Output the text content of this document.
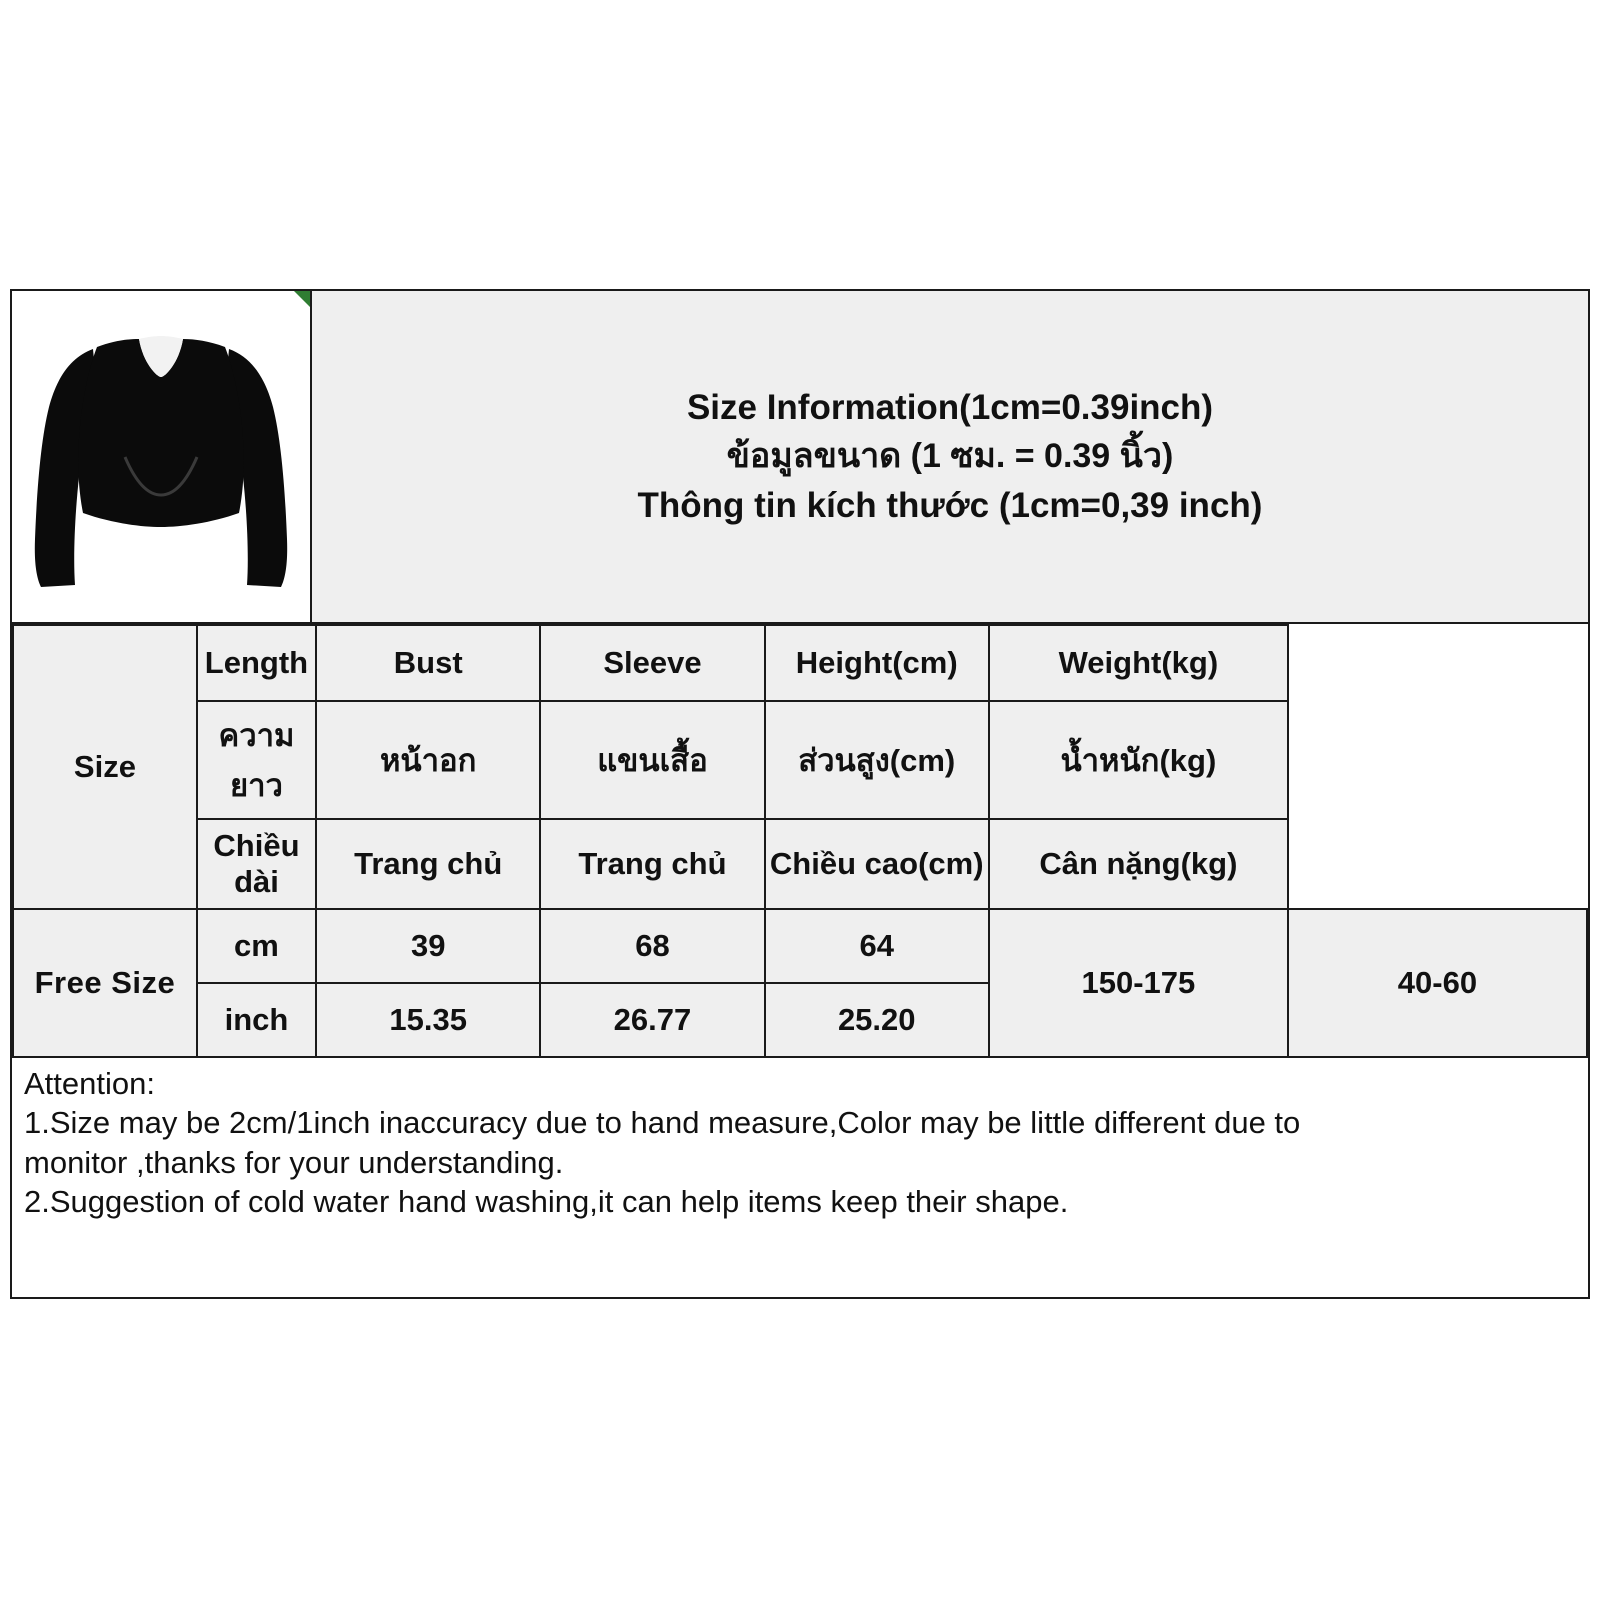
Size Information(1cm=0.39inch)
ข้อมูลขนาด (1 ซม. = 0.39 นิ้ว)
Thông tin kích thước (1cm=0,39 inch)
Size	Length	Bust	Sleeve	Height(cm)	Weight(kg)	
	ความยาว	หน้าอก	แขนเสื้อ	ส่วนสูง(cm)	น้ำหนัก(kg)	
	Chiều dài	Trang chủ	Trang chủ	Chiều cao(cm)	Cân nặng(kg)	
Free Size	cm	39	68	64	150-175	40-60
	inch	15.35	26.77	25.20		

Attention:

1.Size may be 2cm/1inch inaccuracy due to hand measure,Color may be little different due to

monitor ,thanks for your understanding.

2.Suggestion of cold water hand washing,it can help items keep their shape.
